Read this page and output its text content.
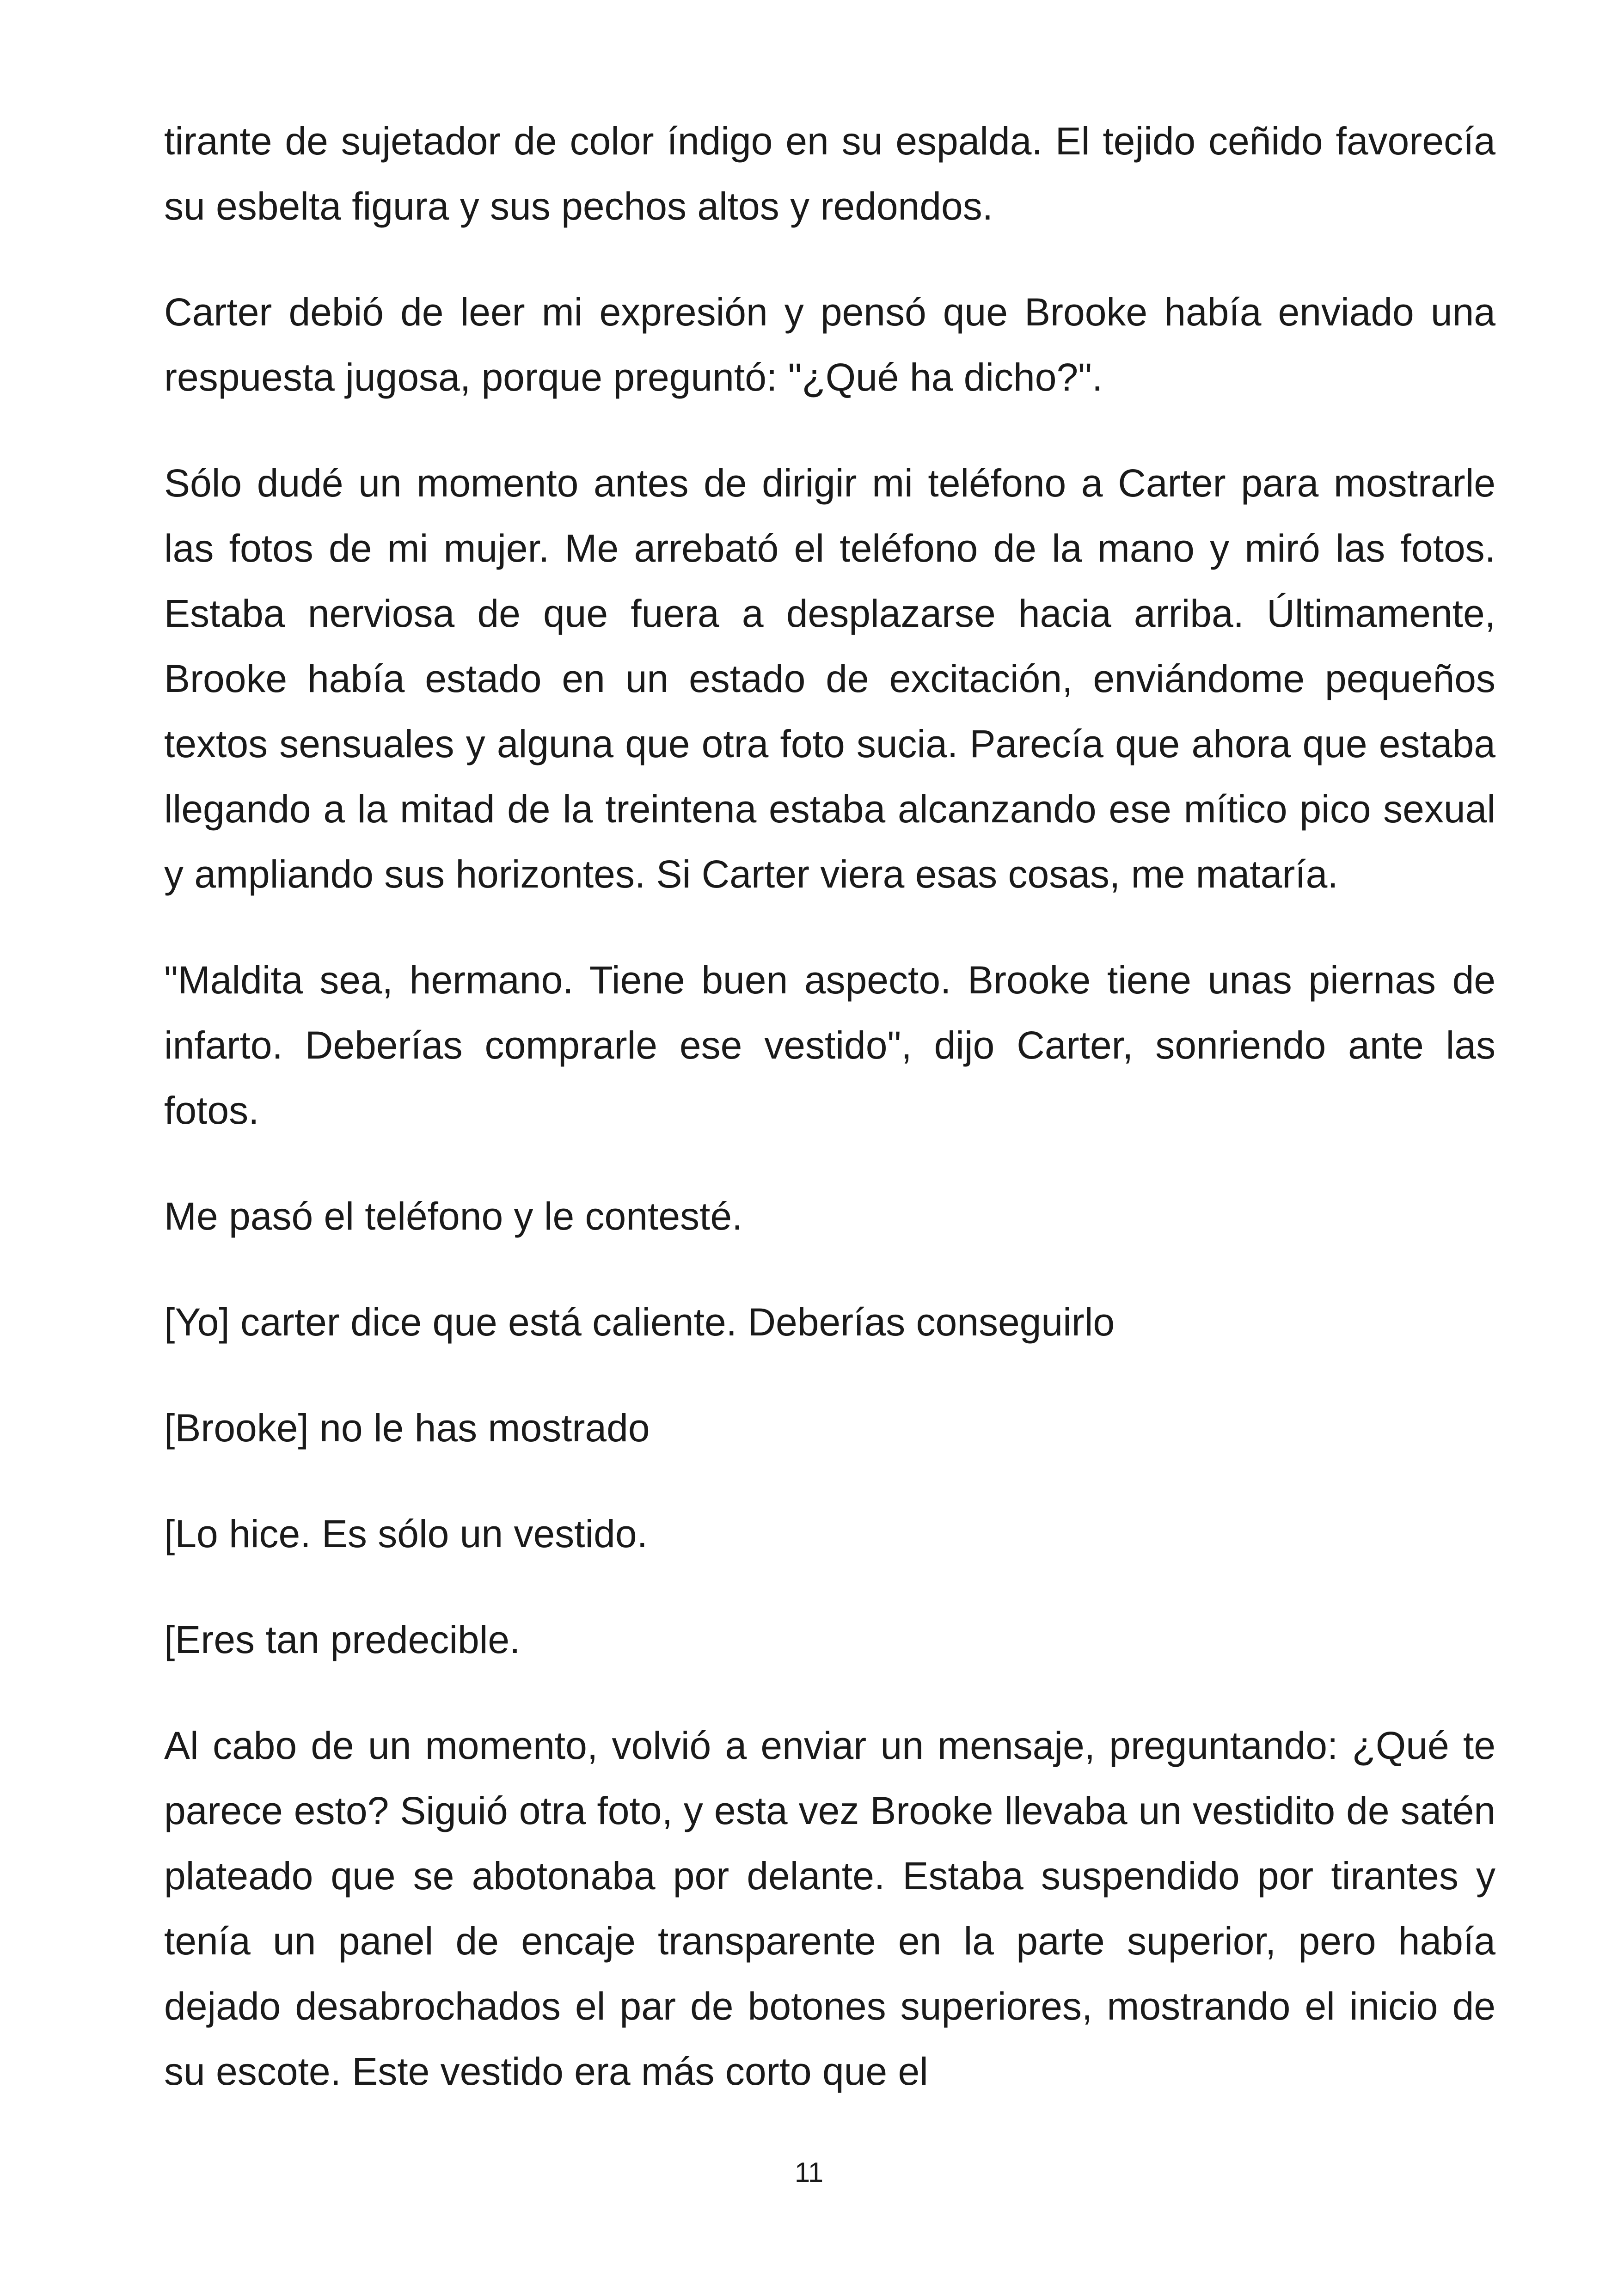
tirante de sujetador de color índigo en su espalda. El tejido ceñido favorecía su esbelta figura y sus pechos altos y redondos.

Carter debió de leer mi expresión y pensó que Brooke había enviado una respuesta jugosa, porque preguntó: "¿Qué ha dicho?".

Sólo dudé un momento antes de dirigir mi teléfono a Carter para mostrarle las fotos de mi mujer. Me arrebató el teléfono de la mano y miró las fotos. Estaba nerviosa de que fuera a desplazarse hacia arriba. Últimamente, Brooke había estado en un estado de excitación, enviándome pequeños textos sensuales y alguna que otra foto sucia. Parecía que ahora que estaba llegando a la mitad de la treintena estaba alcanzando ese mítico pico sexual y ampliando sus horizontes. Si Carter viera esas cosas, me mataría.

"Maldita sea, hermano. Tiene buen aspecto. Brooke tiene unas piernas de infarto. Deberías comprarle ese vestido", dijo Carter, sonriendo ante las fotos.

Me pasó el teléfono y le contesté.

[Yo] carter dice que está caliente. Deberías conseguirlo

[Brooke] no le has mostrado

[Lo hice. Es sólo un vestido.

[Eres tan predecible.

Al cabo de un momento, volvió a enviar un mensaje, preguntando: ¿Qué te parece esto? Siguió otra foto, y esta vez Brooke llevaba un vestidito de satén plateado que se abotonaba por delante. Estaba suspendido por tirantes y tenía un panel de encaje transparente en la parte superior, pero había dejado desabrochados el par de botones superiores, mostrando el inicio de su escote. Este vestido era más corto que el

11
